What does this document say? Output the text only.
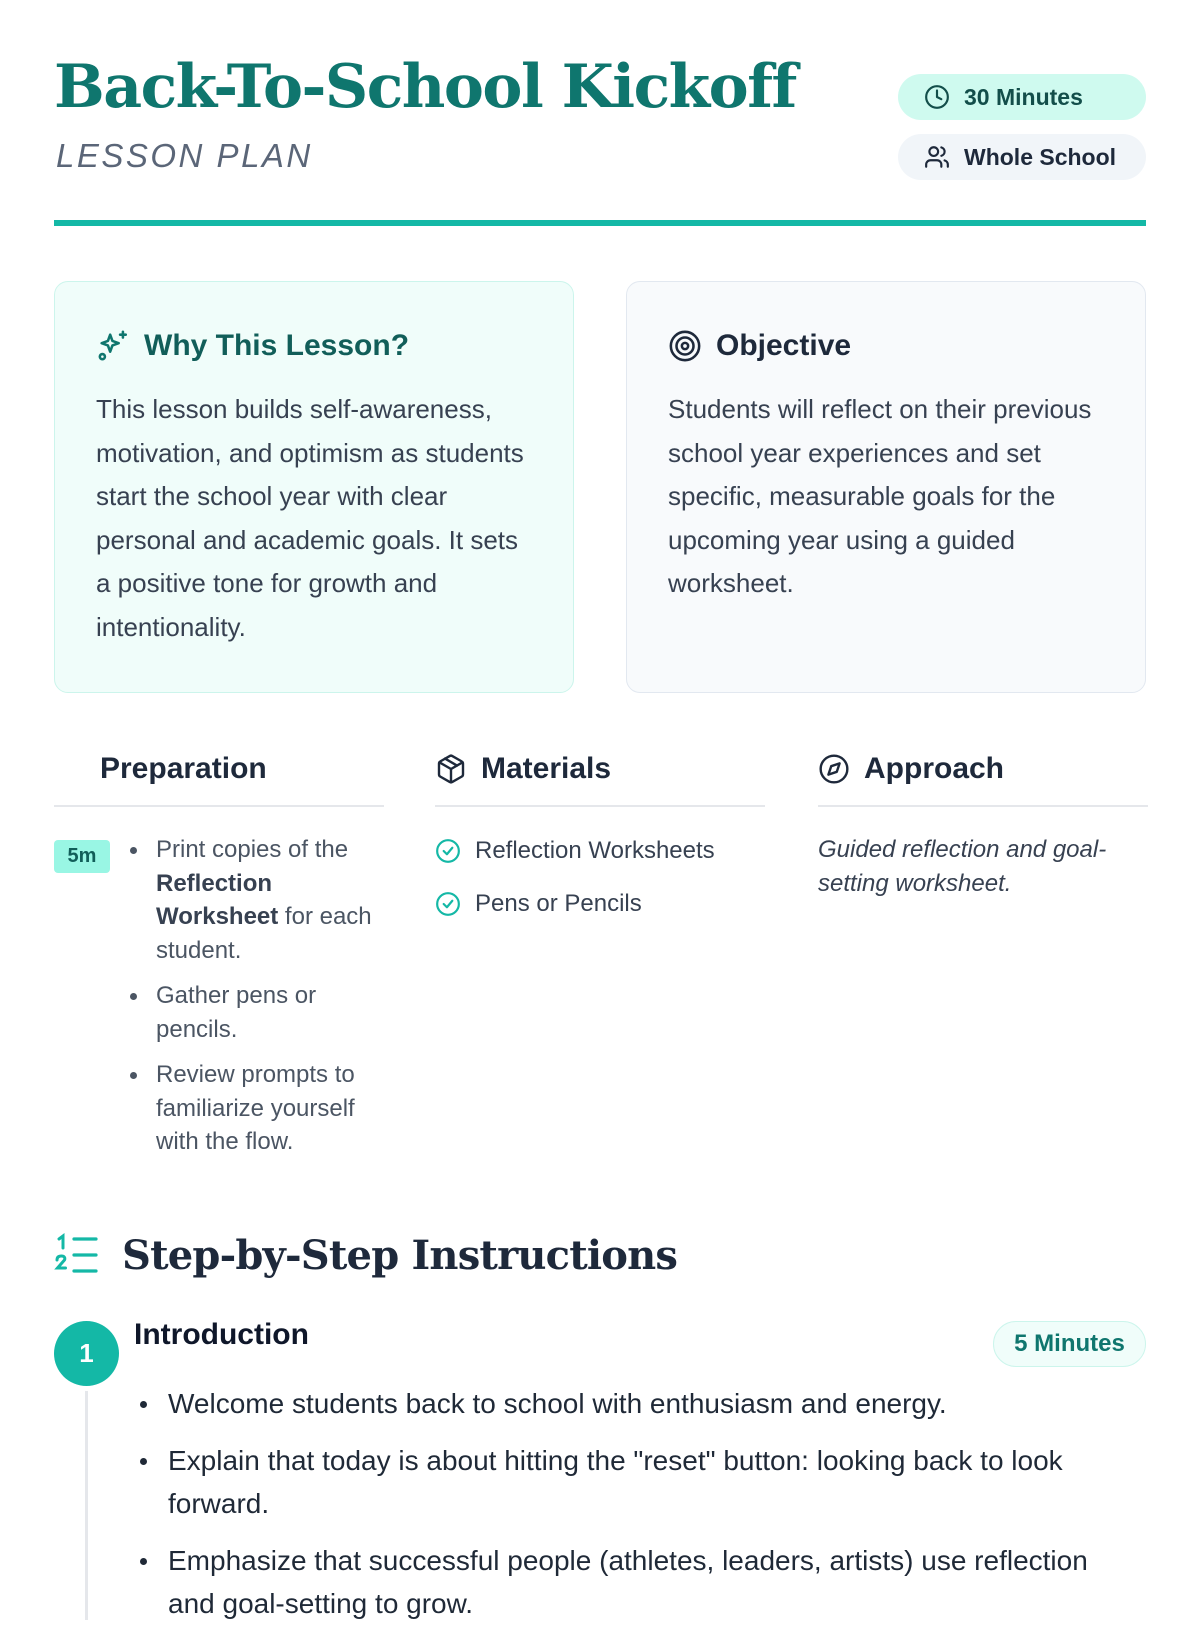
Back-To-School Kickoff
LESSON PLAN
30 Minutes
Whole School
Why This Lesson?

This lesson builds self-awareness, motivation, and optimism as students start the school year with clear personal and academic goals. It sets a positive tone for growth and intentionality.

Objective

Students will reflect on their previous school year experiences and set specific, measurable goals for the upcoming year using a guided worksheet.

Preparation
5m	Print copies of the Reflection Worksheet for each student.
Gather pens or pencils.
Review prompts to familiarize yourself with the flow.
Materials
Reflection Worksheets
Pens or Pencils
Approach
Guided reflection and goal-setting worksheet.
Step-by-Step Instructions
1
Introduction	5 Minutes
Welcome students back to school with enthusiasm and energy.
Explain that today is about hitting the "reset" button: looking back to look forward.
Emphasize that successful people (athletes, leaders, artists) use reflection and goal-setting to grow.
